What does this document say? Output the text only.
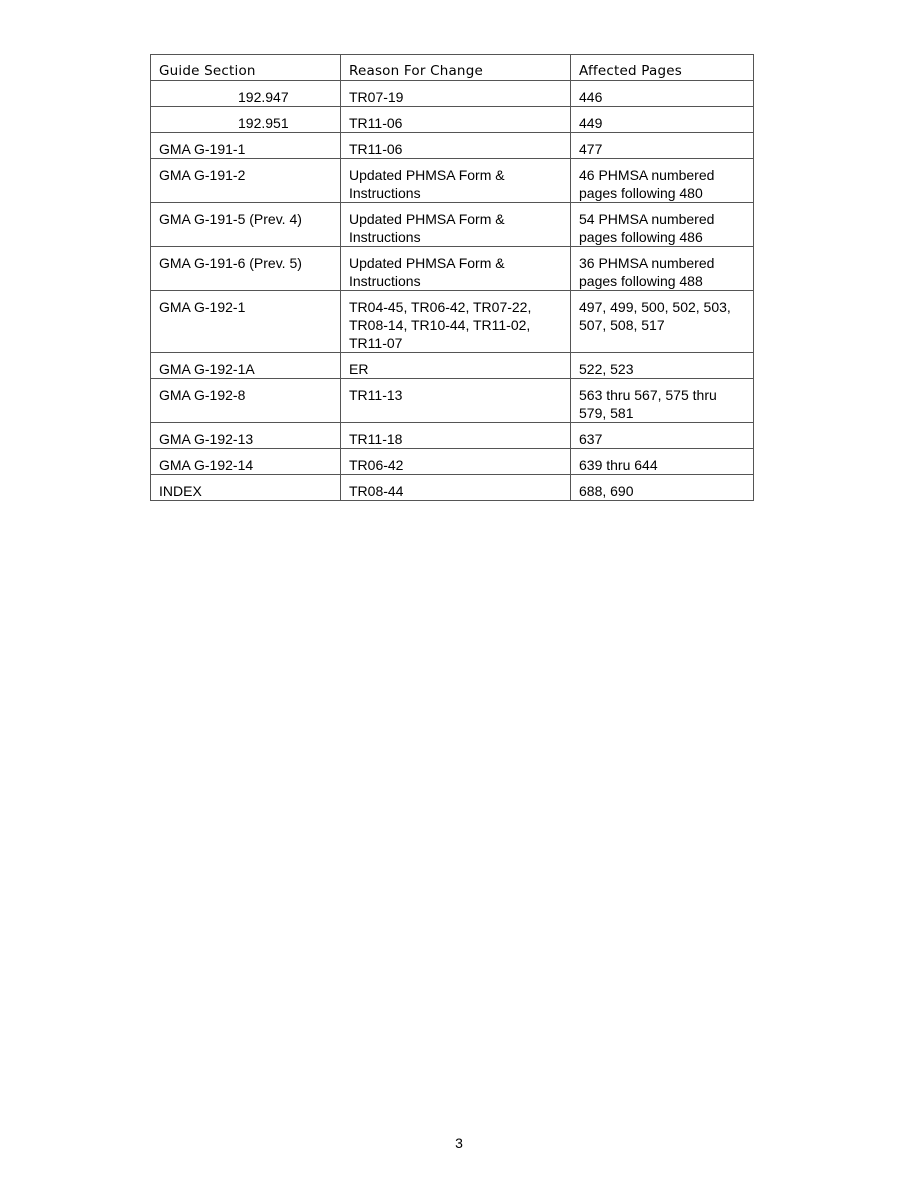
Guide Section	Reason For Change	Affected Pages
192.947	TR07-19	446
192.951	TR11-06	449
GMA G-191-1	TR11-06	477
GMA G-191-2	Updated PHMSA Form & Instructions	46 PHMSA numbered pages following 480
GMA G-191-5 (Prev. 4)	Updated PHMSA Form & Instructions	54 PHMSA numbered pages following 486
GMA G-191-6 (Prev. 5)	Updated PHMSA Form & Instructions	36 PHMSA numbered pages following 488
GMA G-192-1	TR04-45, TR06-42, TR07-22, TR08-14, TR10-44, TR11-02, TR11-07	497, 499, 500, 502, 503, 507, 508, 517
GMA G-192-1A	ER	522, 523
GMA G-192-8	TR11-13	563 thru 567, 575 thru 579, 581
GMA G-192-13	TR11-18	637
GMA G-192-14	TR06-42	639 thru 644
INDEX	TR08-44	688, 690
3
